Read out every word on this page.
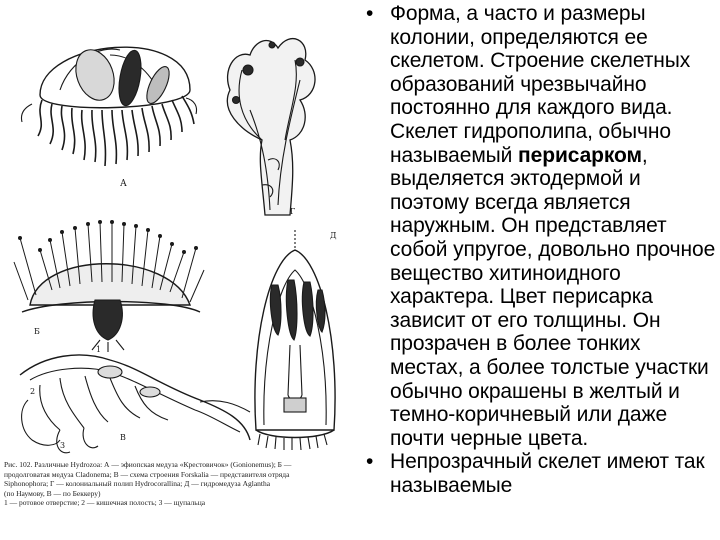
А
Г
Б
Д
1
2
3
В
Рис. 102. Различные Hydrozoa: А — эфиопская медуза «Крестовичок» (Gonionemus); Б —
продолговатая медуза Cladonema; В — схема строения Forskalia — представителя отряда
Siphonophora; Г — колониальный полип Hydrocorallina; Д — гидромедуза Aglantha
(по Наумову, В — по Беккеру)
1 — ротовое отверстие; 2 — кишечная полость; 3 — щупальца
• Форма, а часто и размеры колонии, определяются ее скелетом. Строение скелетных образований чрезвычайно постоянно для каждого вида. Скелет гидрополипа, обычно называемый перисарком, выделяется эктодермой и поэтому всегда является наружным. Он представляет собой упругое, довольно прочное вещество хитиноидного характера. Цвет перисарка зависит от его толщины. Он прозрачен в более тонких местах, а более толстые участки обычно окрашены в желтый и темно-коричневый или даже почти черные цвета.
• Непрозрачный скелет имеют так называемые
